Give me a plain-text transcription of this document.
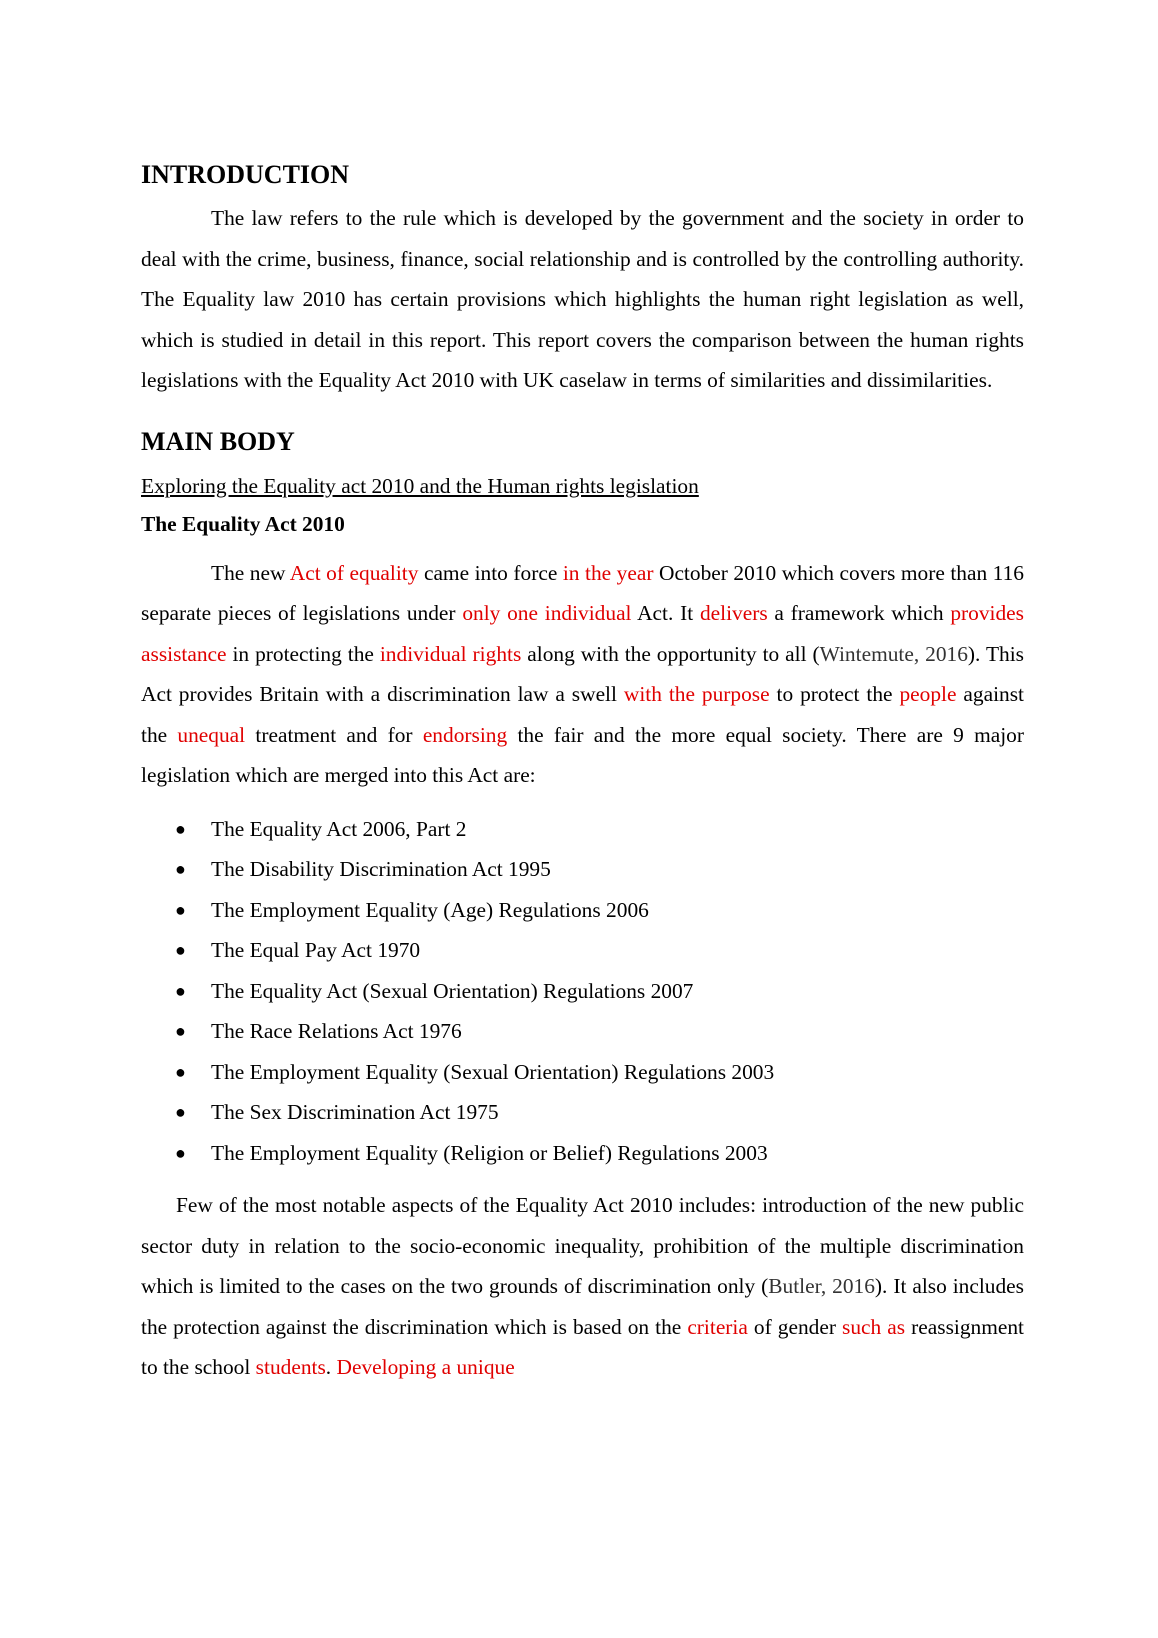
INTRODUCTION

The law refers to the rule which is developed by the government and the society in order to deal with the crime, business, finance, social relationship and is controlled by the controlling authority. The Equality law 2010 has certain provisions which highlights the human right legislation as well, which is studied in detail in this report. This report covers the comparison between the human rights legislations with the Equality Act 2010 with UK caselaw in terms of similarities and dissimilarities.

MAIN BODY

Exploring the Equality act 2010 and the Human rights legislation

The Equality Act 2010

The new Act of equality came into force in the year October 2010 which covers more than 116 separate pieces of legislations under only one individual Act. It delivers a framework which provides assistance in protecting the individual rights along with the opportunity to all (Wintemute, 2016). This Act provides Britain with a discrimination law a swell with the purpose to protect the people against the unequal treatment and for endorsing the fair and the more equal society. There are 9 major legislation which are merged into this Act are:

● The Equality Act 2006, Part 2
● The Disability Discrimination Act 1995
● The Employment Equality (Age) Regulations 2006
● The Equal Pay Act 1970
● The Equality Act (Sexual Orientation) Regulations 2007
● The Race Relations Act 1976
● The Employment Equality (Sexual Orientation) Regulations 2003
● The Sex Discrimination Act 1975
● The Employment Equality (Religion or Belief) Regulations 2003

Few of the most notable aspects of the Equality Act 2010 includes: introduction of the new public sector duty in relation to the socio-economic inequality, prohibition of the multiple discrimination which is limited to the cases on the two grounds of discrimination only (Butler, 2016). It also includes the protection against the discrimination which is based on the criteria of gender such as reassignment to the school students. Developing a unique
